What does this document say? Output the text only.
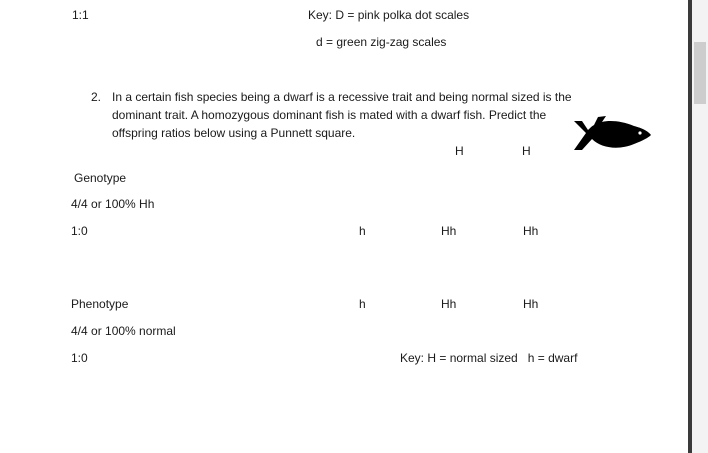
1:1	Key: D = pink polka dot scales
d = green zig-zag scales
2. In a certain fish species being a dwarf is a recessive trait and being normal sized is the dominant trait. A homozygous dominant fish is mated with a dwarf fish. Predict the offspring ratios below using a Punnett square.
H	H
Genotype
4/4 or 100% Hh
1:0	h	Hh	Hh
Phenotype	h	Hh	Hh
4/4 or 100% normal
1:0	Key: H = normal sized   h = dwarf
